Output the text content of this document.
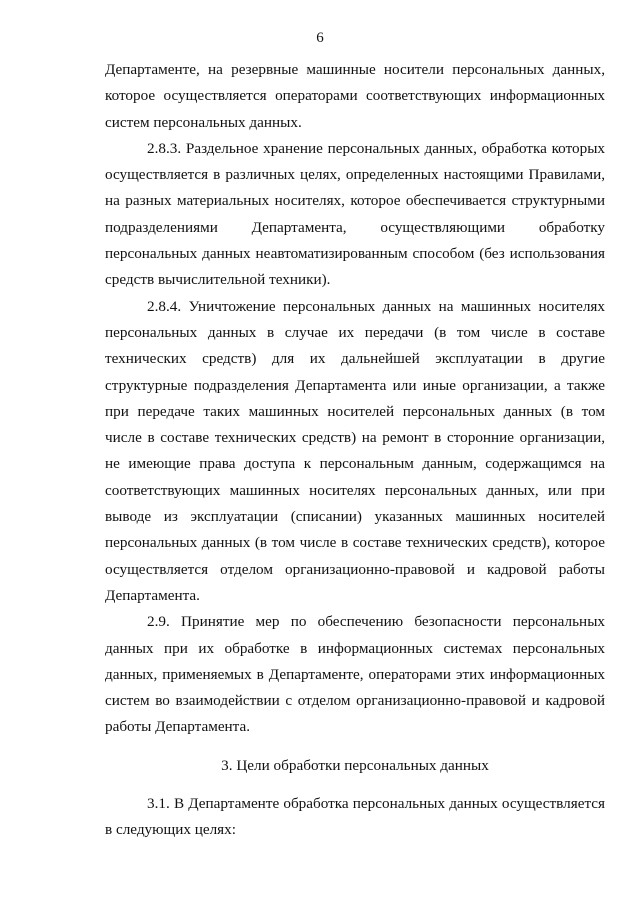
6

Департаменте, на резервные машинные носители персональных данных, которое осуществляется операторами соответствующих информационных систем персональных данных.

2.8.3. Раздельное хранение персональных данных, обработка которых осуществляется в различных целях, определенных настоящими Правилами, на разных материальных носителях, которое обеспечивается структурными подразделениями Департамента, осуществляющими обработку персональных данных неавтоматизированным способом (без использования средств вычислительной техники).

2.8.4. Уничтожение персональных данных на машинных носителях персональных данных в случае их передачи (в том числе в составе технических средств) для их дальнейшей эксплуатации в другие структурные подразделения Департамента или иные организации, а также при передаче таких машинных носителей персональных данных (в том числе в составе технических средств) на ремонт в сторонние организации, не имеющие права доступа к персональным данным, содержащимся на соответствующих машинных носителях персональных данных, или при выводе из эксплуатации (списании) указанных машинных носителей персональных данных (в том числе в составе технических средств), которое осуществляется отделом организационно-правовой и кадровой работы Департамента.

2.9. Принятие мер по обеспечению безопасности персональных данных при их обработке в информационных системах персональных данных, применяемых в Департаменте, операторами этих информационных систем во взаимодействии с отделом организационно-правовой и кадровой работы Департамента.

3. Цели обработки персональных данных

3.1. В Департаменте обработка персональных данных осуществляется в следующих целях:
